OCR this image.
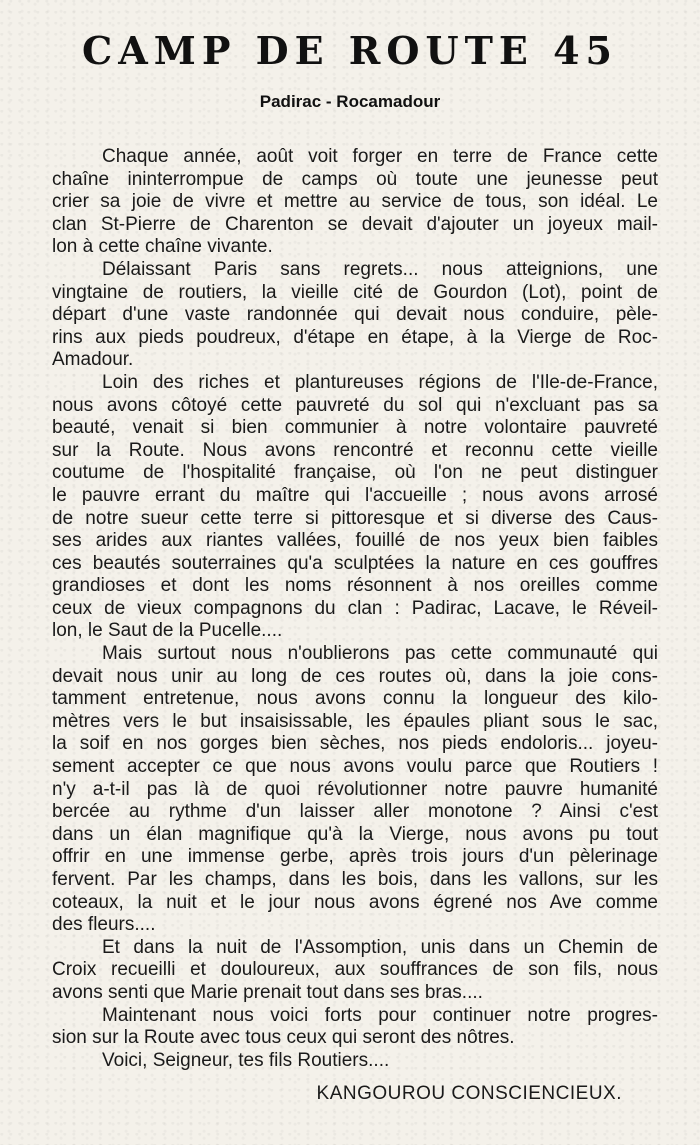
CAMP DE ROUTE 45
Padirac - Rocamadour

Chaque année, août voit forger en terre de France cette
chaîne ininterrompue de camps où toute une jeunesse peut
crier sa joie de vivre et mettre au service de tous, son idéal. Le
clan St-Pierre de Charenton se devait d'ajouter un joyeux mail-
lon à cette chaîne vivante.

Délaissant Paris sans regrets... nous atteignions, une
vingtaine de routiers, la vieille cité de Gourdon (Lot), point de
départ d'une vaste randonnée qui devait nous conduire, pèle-
rins aux pieds poudreux, d'étape en étape, à la Vierge de Roc-
Amadour.

Loin des riches et plantureuses régions de l'Ile-de-France,
nous avons côtoyé cette pauvreté du sol qui n'excluant pas sa
beauté, venait si bien communier à notre volontaire pauvreté
sur la Route. Nous avons rencontré et reconnu cette vieille
coutume de l'hospitalité française, où l'on ne peut distinguer
le pauvre errant du maître qui l'accueille ; nous avons arrosé
de notre sueur cette terre si pittoresque et si diverse des Caus-
ses arides aux riantes vallées, fouillé de nos yeux bien faibles
ces beautés souterraines qu'a sculptées la nature en ces gouffres
grandioses et dont les noms résonnent à nos oreilles comme
ceux de vieux compagnons du clan : Padirac, Lacave, le Réveil-
lon, le Saut de la Pucelle....

Mais surtout nous n'oublierons pas cette communauté qui
devait nous unir au long de ces routes où, dans la joie cons-
tamment entretenue, nous avons connu la longueur des kilo-
mètres vers le but insaisissable, les épaules pliant sous le sac,
la soif en nos gorges bien sèches, nos pieds endoloris... joyeu-
sement accepter ce que nous avons voulu parce que Routiers !
n'y a-t-il pas là de quoi révolutionner notre pauvre humanité
bercée au rythme d'un laisser aller monotone ? Ainsi c'est
dans un élan magnifique qu'à la Vierge, nous avons pu tout
offrir en une immense gerbe, après trois jours d'un pèlerinage
fervent. Par les champs, dans les bois, dans les vallons, sur les
coteaux, la nuit et le jour nous avons égrené nos Ave comme
des fleurs....

Et dans la nuit de l'Assomption, unis dans un Chemin de
Croix recueilli et douloureux, aux souffrances de son fils, nous
avons senti que Marie prenait tout dans ses bras....

Maintenant nous voici forts pour continuer notre progres-
sion sur la Route avec tous ceux qui seront des nôtres.

Voici, Seigneur, tes fils Routiers....

KANGOUROU CONSCIENCIEUX.
